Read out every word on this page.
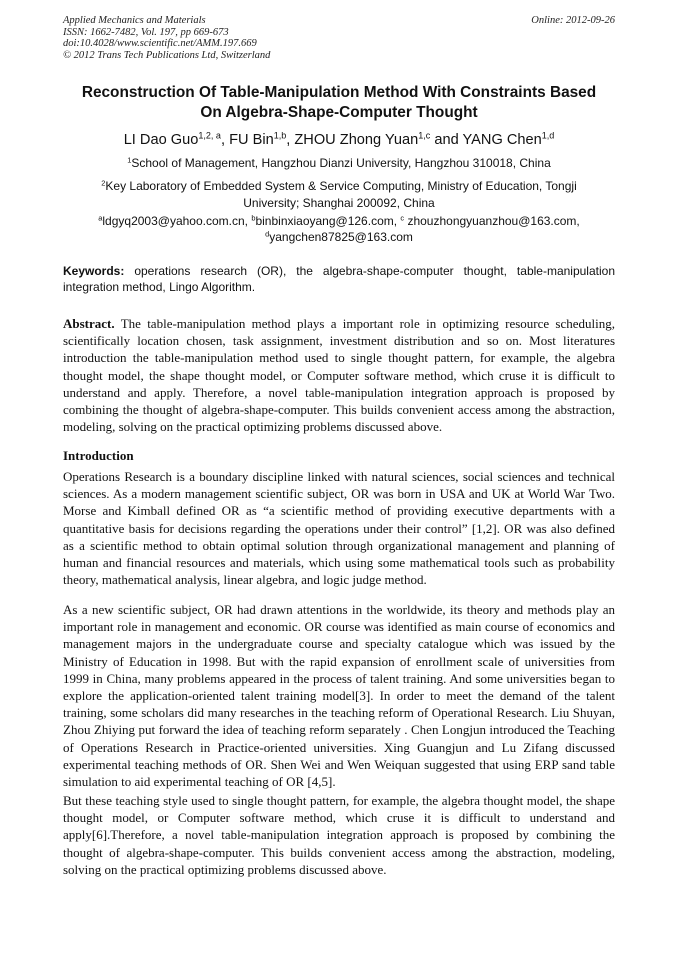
Applied Mechanics and Materials
ISSN: 1662-7482, Vol. 197, pp 669-673
doi:10.4028/www.scientific.net/AMM.197.669
© 2012 Trans Tech Publications Ltd, Switzerland
Online: 2012-09-26
Reconstruction Of Table-Manipulation Method With Constraints Based
On Algebra-Shape-Computer Thought
LI Dao Guo$^{1,2, a}$, FU Bin$^{1,b}$, ZHOU Zhong Yuan$^{1,c}$ and YANG Chen$^{1,d}$
$^1$School of Management, Hangzhou Dianzi University, Hangzhou 310018, China
$^2$Key Laboratory of Embedded System & Service Computing, Ministry of Education, Tongji
University; Shanghai 200092, China
$^a$ldgyq2003@yahoo.com.cn, $^b$binbinxiaoyang@126.com, $^c$ zhouzhongyuanzhou@163.com,
$^d$yangchen87825@163.com
Keywords: operations research (OR), the algebra-shape-computer thought, table-manipulation integration method, Lingo Algorithm.
Abstract. The table-manipulation method plays a important role in optimizing resource scheduling, scientifically location chosen, task assignment, investment distribution and so on. Most literatures introduction the table-manipulation method used to single thought pattern, for example, the algebra thought model, the shape thought model, or Computer software method, which cruse it is difficult to understand and apply. Therefore, a novel table-manipulation integration approach is proposed by combining the thought of algebra-shape-computer. This builds convenient access among the abstraction, modeling, solving on the practical optimizing problems discussed above.
Introduction
Operations Research is a boundary discipline linked with natural sciences, social sciences and technical sciences. As a modern management scientific subject, OR was born in USA and UK at World War Two. Morse and Kimball defined OR as “a scientific method of providing executive departments with a quantitative basis for decisions regarding the operations under their control” [1,2]. OR was also defined as a scientific method to obtain optimal solution through organizational management and planning of human and financial resources and materials, which using some mathematical tools such as probability theory, mathematical analysis, linear algebra, and logic judge method.
As a new scientific subject, OR had drawn attentions in the worldwide, its theory and methods play an important role in management and economic. OR course was identified as main course of economics and management majors in the undergraduate course and specialty catalogue which was issued by the Ministry of Education in 1998. But with the rapid expansion of enrollment scale of universities from 1999 in China, many problems appeared in the process of talent training. And some universities began to explore the application-oriented talent training model[3]. In order to meet the demand of the talent training, some scholars did many researches in the teaching reform of Operational Research. Liu Shuyan, Zhou Zhiying put forward the idea of teaching reform separately . Chen Longjun introduced the Teaching of Operations Research in Practice-oriented universities. Xing Guangjun and Lu Zifang discussed experimental teaching methods of OR. Shen Wei and Wen Weiquan suggested that using ERP sand table simulation to aid experimental teaching of OR [4,5].
But these teaching style used to single thought pattern, for example, the algebra thought model, the shape thought model, or Computer software method, which cruse it is difficult to understand and apply[6].Therefore, a novel table-manipulation integration approach is proposed by combining the thought of algebra-shape-computer. This builds convenient access among the abstraction, modeling, solving on the practical optimizing problems discussed above.
